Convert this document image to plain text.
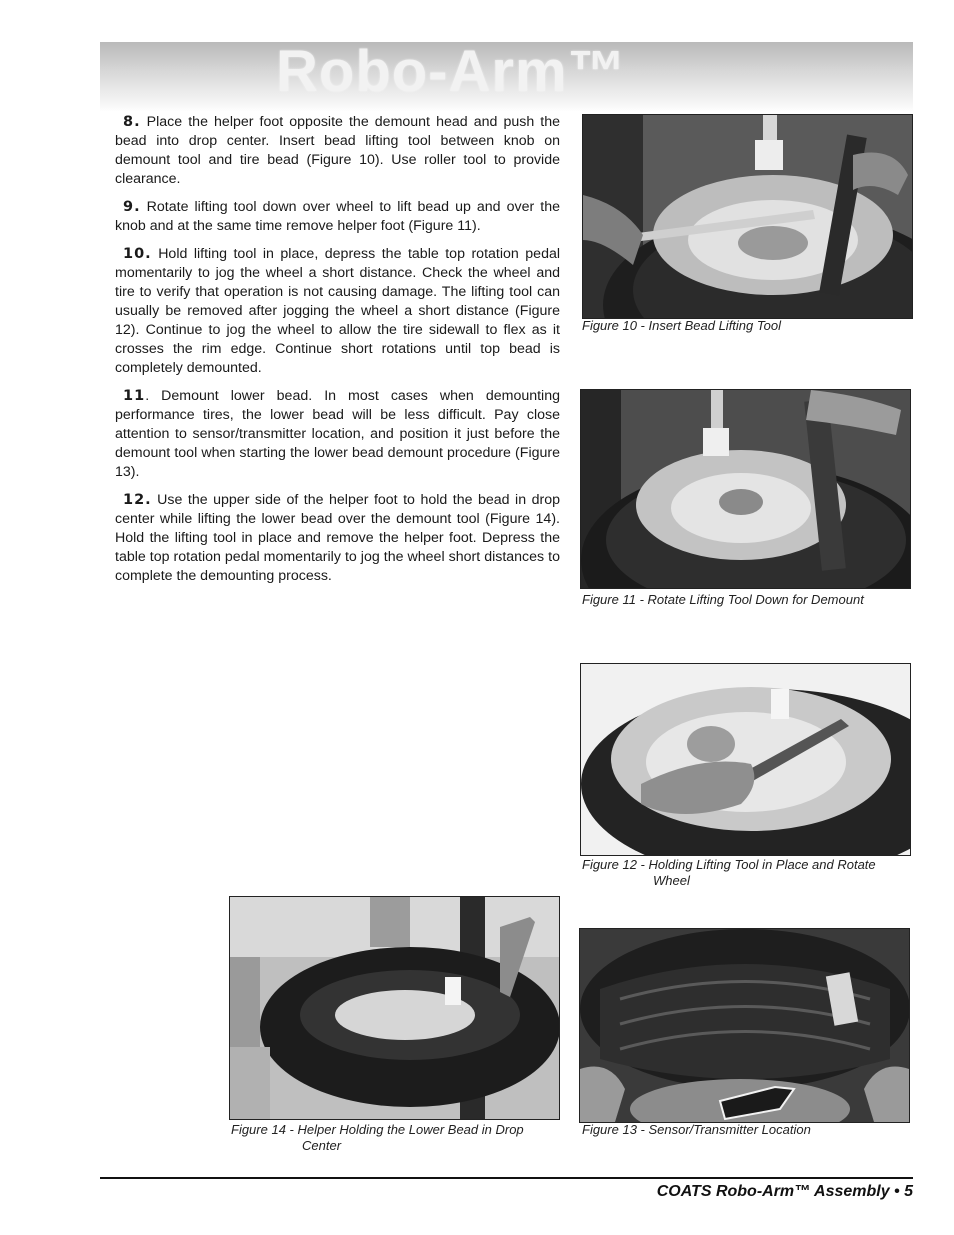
Robo-Arm™

8. Place the helper foot opposite the demount head and push the bead into drop center. Insert bead lifting tool between knob on demount tool and tire bead (Figure 10). Use roller tool to provide clearance.

9. Rotate lifting tool down over wheel to lift bead up and over the knob and at the same time remove helper foot (Figure 11).

10. Hold lifting tool in place, depress the table top rotation pedal momentarily to jog the wheel a short distance. Check the wheel and tire to verify that operation is not causing damage. The lifting tool can usually be removed after jogging the wheel a short distance (Figure 12). Continue to jog the wheel to allow the tire sidewall to flex as it crosses the rim edge. Continue short rotations until top bead is completely demounted.

11. Demount lower bead. In most cases when demounting performance tires, the lower bead will be less difficult. Pay close attention to sensor/transmitter location, and position it just before the demount tool when starting the lower bead demount procedure (Figure 13).

12. Use the upper side of the helper foot to hold the bead in drop center while lifting the lower bead over the demount tool (Figure 14). Hold the lifting tool in place and remove the helper foot. Depress the table top rotation pedal momentarily to jog the wheel short distances to complete the demounting process.

Figure 10 - Insert Bead Lifting Tool
Figure 11 - Rotate Lifting Tool Down for Demount
Figure 12 - Holding Lifting Tool in Place and Rotate
Wheel
Figure 14 - Helper Holding the Lower Bead in Drop
Center
Figure 13 - Sensor/Transmitter Location
COATS Robo-Arm™ Assembly • 5
